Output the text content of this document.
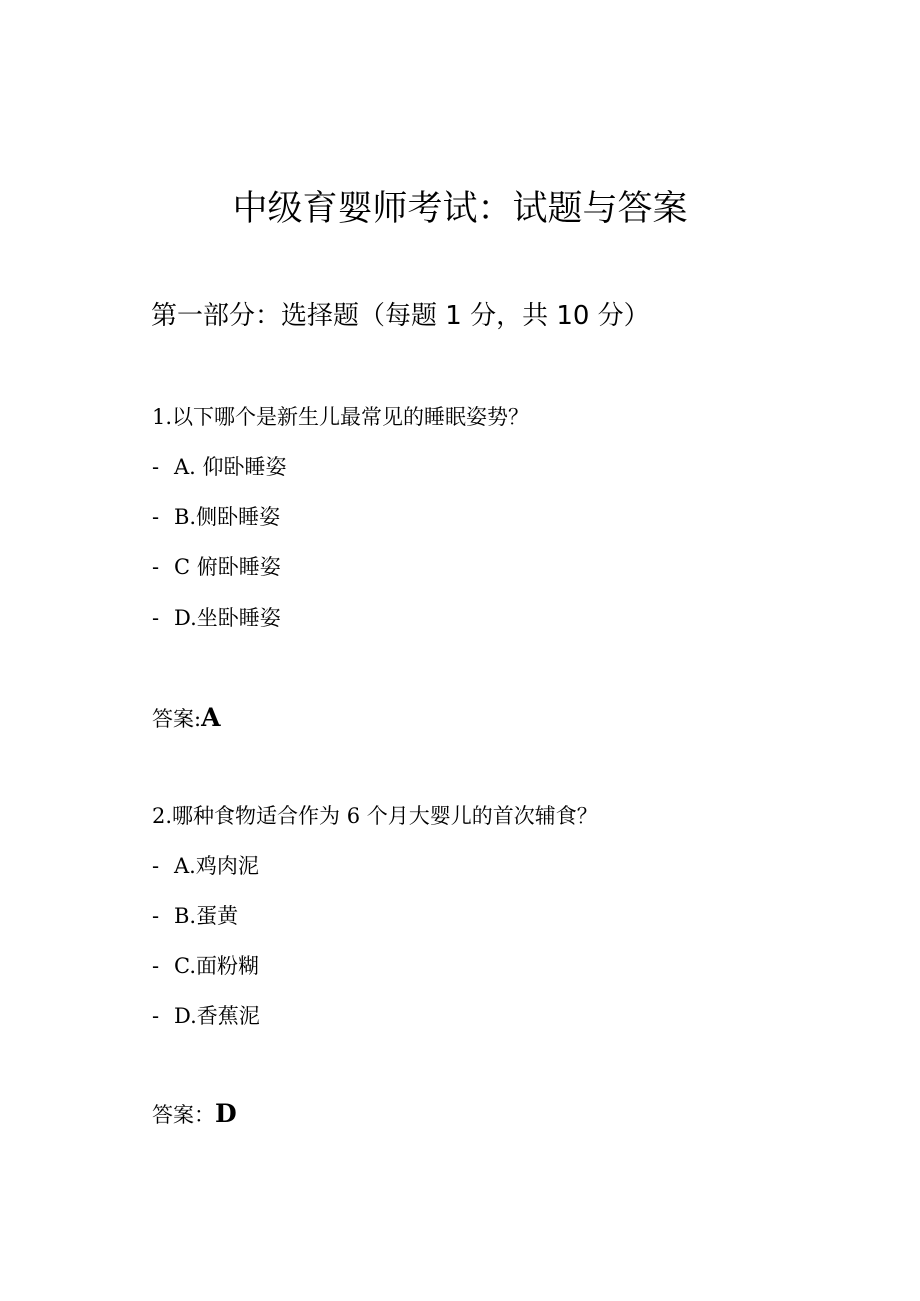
中级育婴师考试：试题与答案
第一部分：选择题（每题 1 分，共 10 分）
1.以下哪个是新生儿最常见的睡眠姿势？
- A. 仰卧睡姿
- B.侧卧睡姿
- C 俯卧睡姿
- D.坐卧睡姿
答案:A
2.哪种食物适合作为 6 个月大婴儿的首次辅食？
- A.鸡肉泥
- B.蛋黄
- C.面粉糊
- D.香蕉泥
答案：D
